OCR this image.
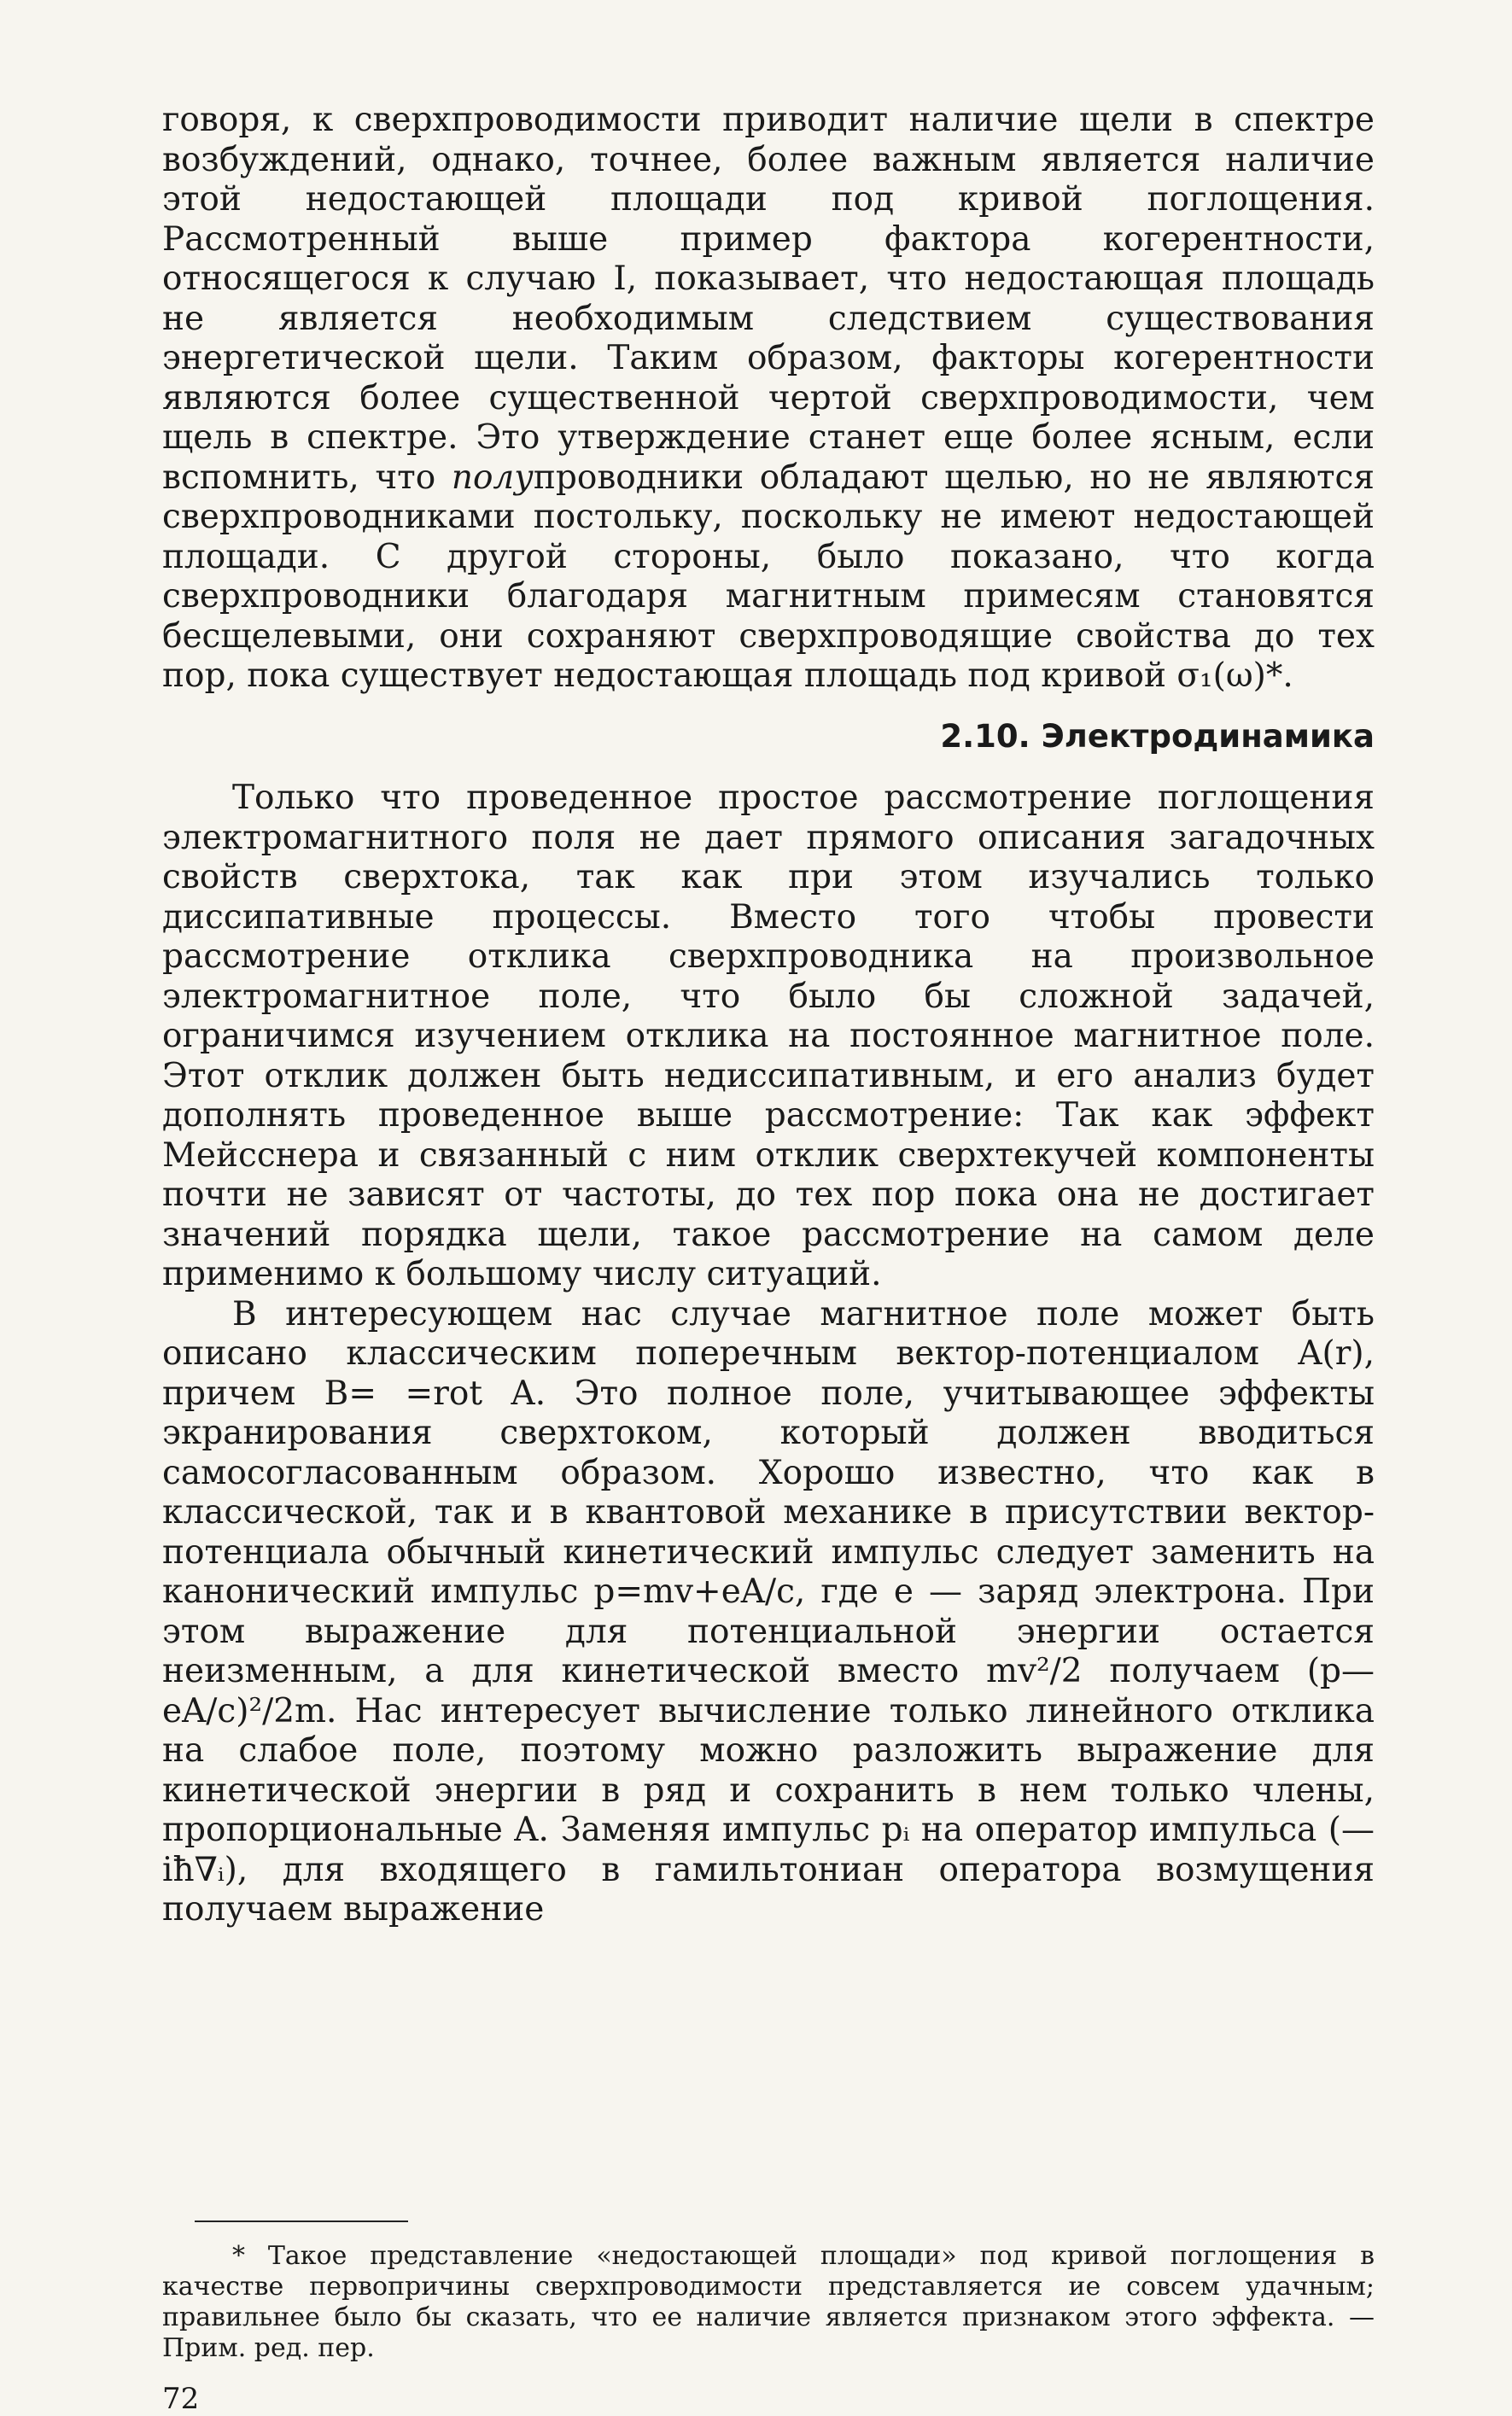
говоря, к сверхпроводимости приводит наличие щели в спектре возбуждений, однако, точнее, более важным является наличие этой недостающей площади под кривой поглощения. Рассмотренный выше пример фактора когерентности, относящегося к случаю I, показывает, что недостающая площадь не является необходимым следствием существования энергетической щели. Таким образом, факторы когерентности являются более существенной чертой сверхпроводимости, чем щель в спектре. Это утверждение станет еще более ясным, если вспомнить, что полупроводники обладают щелью, но не являются сверхпроводниками постольку, поскольку не имеют недостающей площади. С другой стороны, было показано, что когда сверхпроводники благодаря магнитным примесям становятся бесщелевыми, они сохраняют сверхпроводящие свойства до тех пор, пока существует недостающая площадь под кривой σ₁(ω)*.

2.10. Электродинамика

Только что проведенное простое рассмотрение поглощения электромагнитного поля не дает прямого описания загадочных свойств сверхтока, так как при этом изучались только диссипативные процессы. Вместо того чтобы провести рассмотрение отклика сверхпроводника на произвольное электромагнитное поле, что было бы сложной задачей, ограничимся изучением отклика на постоянное магнитное поле. Этот отклик должен быть недиссипативным, и его анализ будет дополнять проведенное выше рассмотрение: Так как эффект Мейсснера и связанный с ним отклик сверхтекучей компоненты почти не зависят от частоты, до тех пор пока она не достигает значений порядка щели, такое рассмотрение на самом деле применимо к большому числу ситуаций.

В интересующем нас случае магнитное поле может быть описано классическим поперечным вектор-потенциалом A(r), причем B= =rot A. Это полное поле, учитывающее эффекты экранирования сверхтоком, который должен вводиться самосогласованным образом. Хорошо известно, что как в классической, так и в квантовой механике в присутствии вектор-потенциала обычный кинетический импульс следует заменить на канонический импульс p=mv+eA/c, где e — заряд электрона. При этом выражение для потенциальной энергии остается неизменным, а для кинетической вместо mv²/2 получаем (p—eA/c)²/2m. Нас интересует вычисление только линейного отклика на слабое поле, поэтому можно разложить выражение для кинетической энергии в ряд и сохранить в нем только члены, пропорциональные A. Заменяя импульс pᵢ на оператор импульса (—iħ∇ᵢ), для входящего в гамильтониан оператора возмущения получаем выражение

* Такое представление «недостающей площади» под кривой поглощения в качестве первопричины сверхпроводимости представляется ие совсем удачным; правильнее было бы сказать, что ее наличие является признаком этого эффекта. — Прим. ред. пер.
72
